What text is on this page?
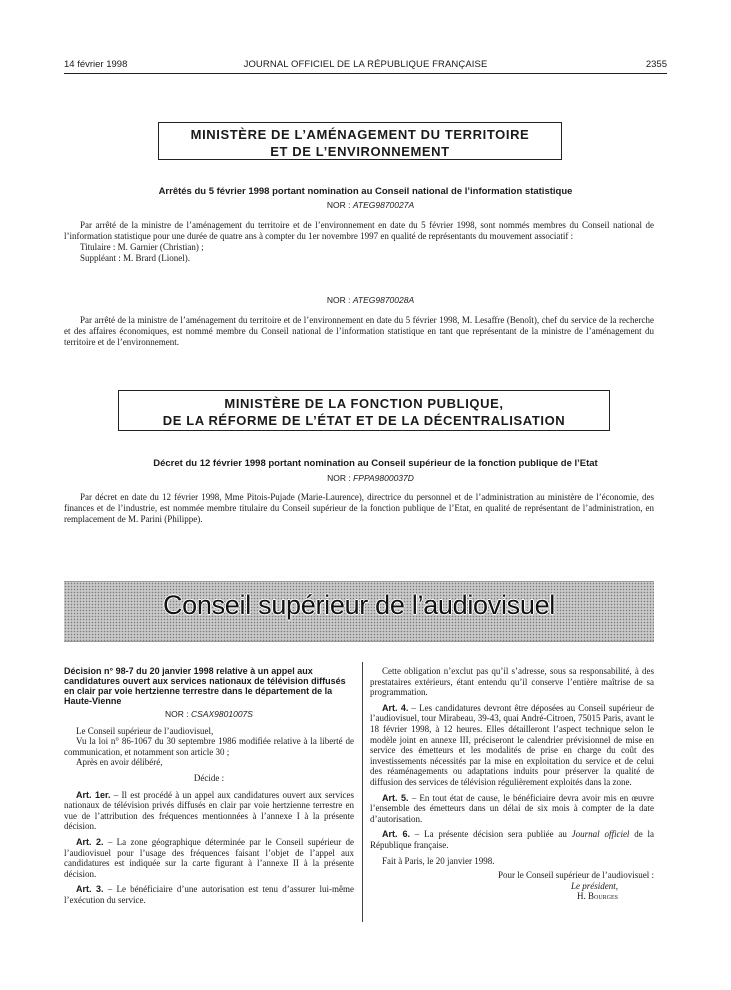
14 février 1998	JOURNAL OFFICIEL DE LA RÉPUBLIQUE FRANÇAISE	2355
MINISTÈRE DE L’AMÉNAGEMENT DU TERRITOIRE
ET DE L’ENVIRONNEMENT
Arrêtés du 5 février 1998 portant nomination au Conseil national de l’information statistique
NOR : ATEG9870027A

Par arrêté de la ministre de l’aménagement du territoire et de l’environnement en date du 5 février 1998, sont nommés membres du Conseil national de l’information statistique pour une durée de quatre ans à compter du 1er novembre 1997 en qualité de représentants du mouvement associatif :

Titulaire : M. Garnier (Christian) ;

Suppléant : M. Brard (Lionel).

NOR : ATEG9870028A

Par arrêté de la ministre de l’aménagement du territoire et de l’environnement en date du 5 février 1998, M. Lesaffre (Benoît), chef du service de la recherche et des affaires économiques, est nommé membre du Conseil national de l’information statistique en tant que représentant de la ministre de l’aménagement du territoire et de l’environnement.

MINISTÈRE DE LA FONCTION PUBLIQUE,
DE LA RÉFORME DE L’ÉTAT ET DE LA DÉCENTRALISATION
Décret du 12 février 1998 portant nomination au Conseil supérieur de la fonction publique de l’Etat
NOR : FPPA9800037D

Par décret en date du 12 février 1998, Mme Pitois-Pujade (Marie-Laurence), directrice du personnel et de l’administration au ministère de l’économie, des finances et de l’industrie, est nommée membre titulaire du Conseil supérieur de la fonction publique de l’Etat, en qualité de représentant de l’administration, en remplacement de M. Parini (Philippe).

Conseil supérieur de l’audiovisuel

Décision n° 98-7 du 20 janvier 1998 relative à un appel aux candidatures ouvert aux services nationaux de télévision diffusés en clair par voie hertzienne terrestre dans le département de la Haute-Vienne

NOR : CSAX9801007S

Le Conseil supérieur de l’audiovisuel,

Vu la loi n° 86-1067 du 30 septembre 1986 modifiée relative à la liberté de communication, et notamment son article 30 ;

Après en avoir délibéré,

Décide :

Art. 1er. – Il est procédé à un appel aux candidatures ouvert aux services nationaux de télévision privés diffusés en clair par voie hertzienne terrestre en vue de l’attribution des fréquences mentionnées à l’annexe I à la présente décision.

Art. 2. – La zone géographique déterminée par le Conseil supérieur de l’audiovisuel pour l’usage des fréquences faisant l’objet de l’appel aux candidatures est indiquée sur la carte figurant à l’annexe II à la présente décision.

Art. 3. – Le bénéficiaire d’une autorisation est tenu d’assurer lui-même l’exécution du service.

Cette obligation n’exclut pas qu’il s’adresse, sous sa responsabilité, à des prestataires extérieurs, étant entendu qu’il conserve l’entière maîtrise de sa programmation.

Art. 4. – Les candidatures devront être déposées au Conseil supérieur de l’audiovisuel, tour Mirabeau, 39-43, quai André-Citroen, 75015 Paris, avant le 18 février 1998, à 12 heures. Elles détailleront l’aspect technique selon le modèle joint en annexe III, préciseront le calendrier prévisionnel de mise en service des émetteurs et les modalités de prise en charge du coût des investissements nécessités par la mise en exploitation du service et de celui des réaménagements ou adaptations induits pour préserver la qualité de diffusion des services de télévision régulièrement exploités dans la zone.

Art. 5. – En tout état de cause, le bénéficiaire devra avoir mis en œuvre l’ensemble des émetteurs dans un délai de six mois à compter de la date d’autorisation.

Art. 6. – La présente décision sera publiée au Journal officiel de la République française.

Fait à Paris, le 20 janvier 1998.

Pour le Conseil supérieur de l’audiovisuel :

Le président,

H. Bourges
